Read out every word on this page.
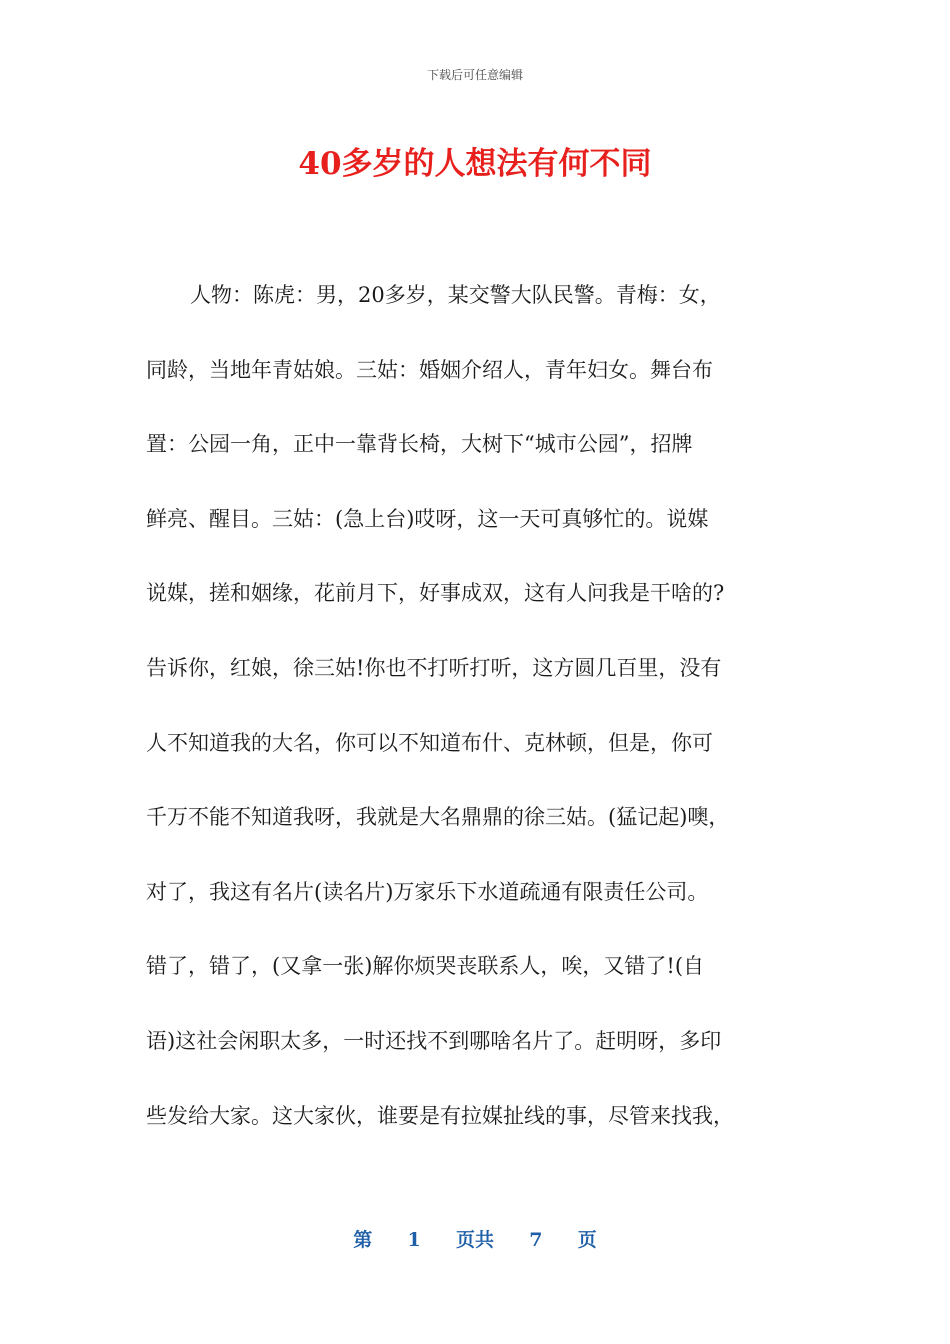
下载后可任意编辑
40多岁的人想法有何不同
人物：陈虎：男，20多岁，某交警大队民警。青梅：女，
同龄，当地年青姑娘。三姑：婚姻介绍人，青年妇女。舞台布
置：公园一角，正中一靠背长椅，大树下“城市公园”，招牌
鲜亮、醒目。三姑：(急上台)哎呀，这一天可真够忙的。说媒
说媒，搓和姻缘，花前月下，好事成双，这有人问我是干啥的?
告诉你，红娘，徐三姑!你也不打听打听，这方圆几百里，没有
人不知道我的大名，你可以不知道布什、克林顿，但是，你可
千万不能不知道我呀，我就是大名鼎鼎的徐三姑。(猛记起)噢，
对了，我这有名片(读名片)万家乐下水道疏通有限责任公司。
错了，错了，(又拿一张)解你烦哭丧联系人，唉，又错了!(自
语)这社会闲职太多，一时还找不到哪啥名片了。赶明呀，多印
些发给大家。这大家伙，谁要是有拉媒扯线的事，尽管来找我，
第 1 页共 7 页
